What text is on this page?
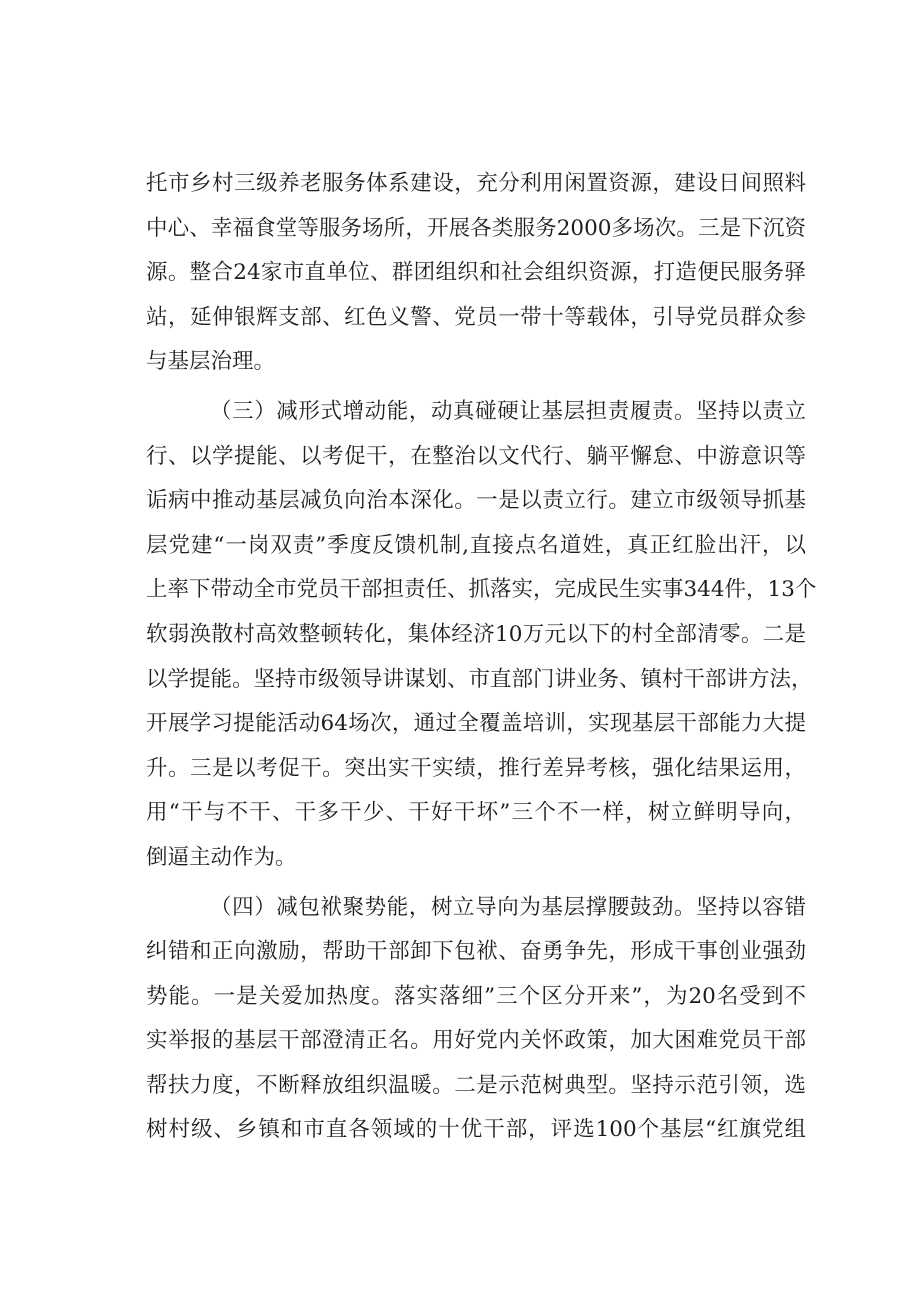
托市乡村三级养老服务体系建设，充分利用闲置资源，建设日间照料
中心、幸福食堂等服务场所，开展各类服务2000多场次。三是下沉资
源。整合24家市直单位、群团组织和社会组织资源，打造便民服务驿
站，延伸银辉支部、红色义警、党员一带十等载体，引导党员群众参
与基层治理。
（三）减形式增动能，动真碰硬让基层担责履责。坚持以责立
行、以学提能、以考促干，在整治以文代行、躺平懈怠、中游意识等
诟病中推动基层减负向治本深化。一是以责立行。建立市级领导抓基
层党建“一岗双责”季度反馈机制,直接点名道姓，真正红脸出汗，以
上率下带动全市党员干部担责任、抓落实，完成民生实事344件，13个
软弱涣散村高效整顿转化，集体经济10万元以下的村全部清零。二是
以学提能。坚持市级领导讲谋划、市直部门讲业务、镇村干部讲方法，
开展学习提能活动64场次，通过全覆盖培训，实现基层干部能力大提
升。三是以考促干。突出实干实绩，推行差异考核，强化结果运用，
用“干与不干、干多干少、干好干坏”三个不一样，树立鲜明导向，
倒逼主动作为。
（四）减包袱聚势能，树立导向为基层撑腰鼓劲。坚持以容错
纠错和正向激励，帮助干部卸下包袱、奋勇争先，形成干事创业强劲
势能。一是关爱加热度。落实落细”三个区分开来”，为20名受到不
实举报的基层干部澄清正名。用好党内关怀政策，加大困难党员干部
帮扶力度，不断释放组织温暖。二是示范树典型。坚持示范引领，选
树村级、乡镇和市直各领域的十优干部，评选100个基层“红旗党组
